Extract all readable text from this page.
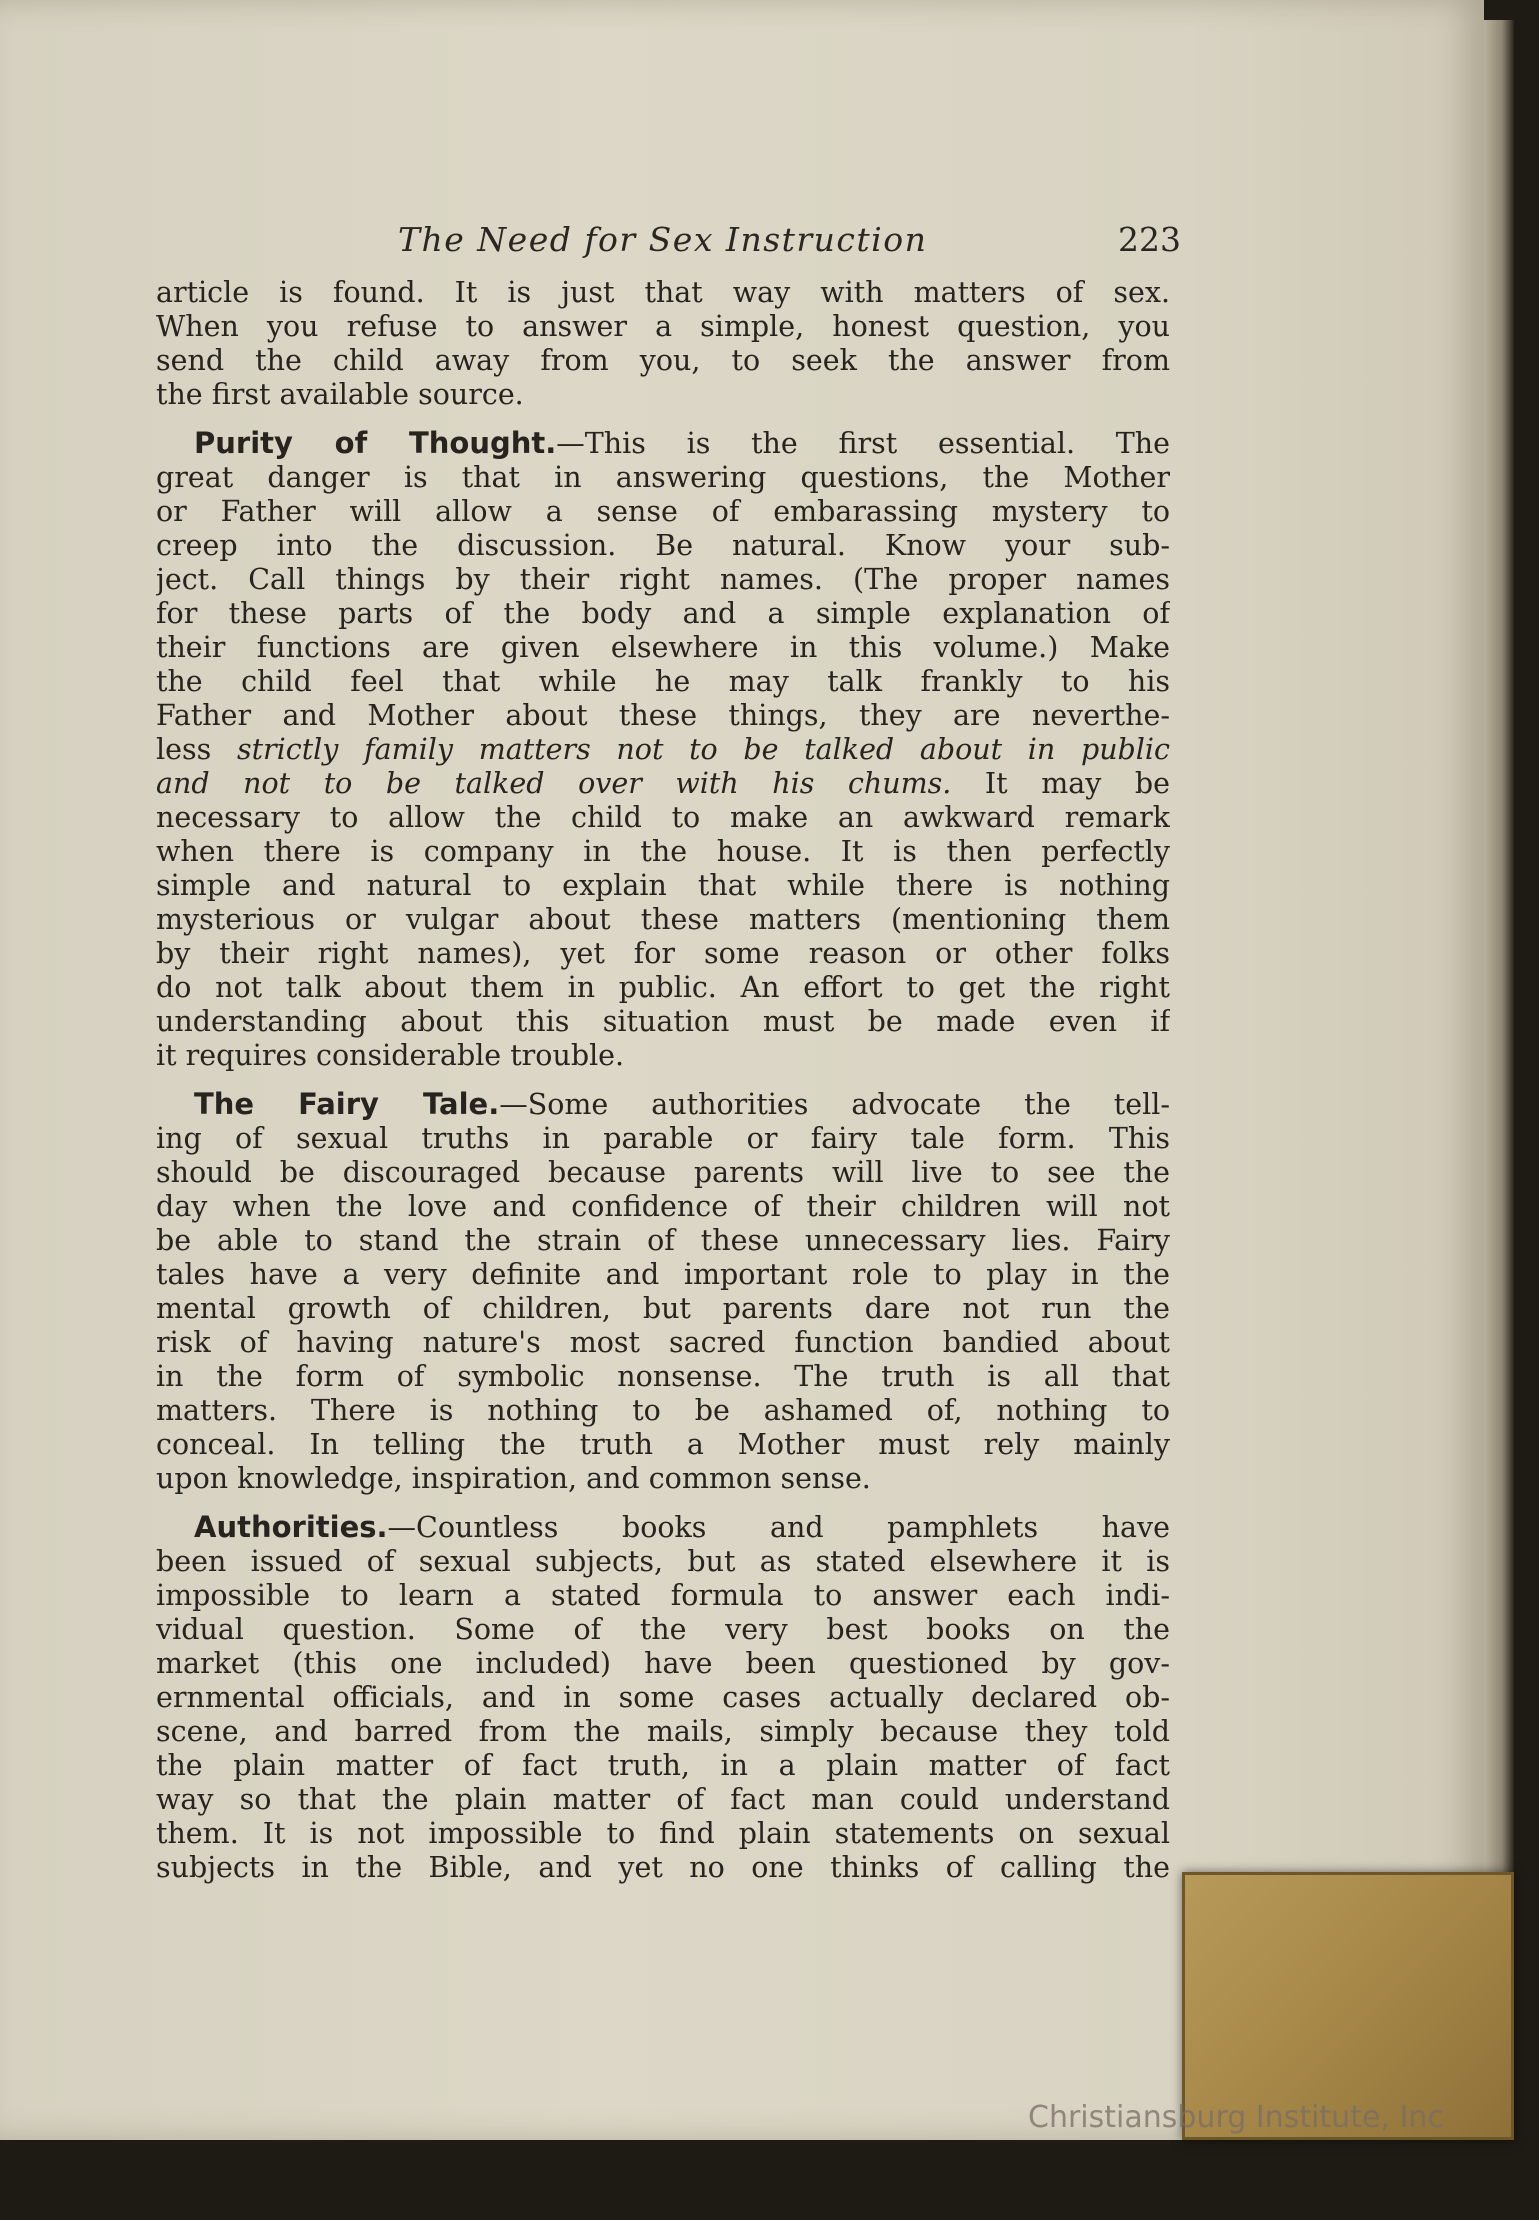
The Need for Sex Instruction	223

article is found. It is just that way with matters of sex.
When you refuse to answer a simple, honest question, you
send the child away from you, to seek the answer from
the first available source.

Purity of Thought.—This is the first essential. The
great danger is that in answering questions, the Mother
or Father will allow a sense of embarassing mystery to
creep into the discussion. Be natural. Know your sub-
ject. Call things by their right names. (The proper names
for these parts of the body and a simple explanation of
their functions are given elsewhere in this volume.) Make
the child feel that while he may talk frankly to his
Father and Mother about these things, they are neverthe-
less strictly family matters not to be talked about in public
and not to be talked over with his chums. It may be
necessary to allow the child to make an awkward remark
when there is company in the house. It is then perfectly
simple and natural to explain that while there is nothing
mysterious or vulgar about these matters (mentioning them
by their right names), yet for some reason or other folks
do not talk about them in public. An effort to get the right
understanding about this situation must be made even if
it requires considerable trouble.

The Fairy Tale.—Some authorities advocate the tell-
ing of sexual truths in parable or fairy tale form. This
should be discouraged because parents will live to see the
day when the love and confidence of their children will not
be able to stand the strain of these unnecessary lies. Fairy
tales have a very definite and important role to play in the
mental growth of children, but parents dare not run the
risk of having nature's most sacred function bandied about
in the form of symbolic nonsense. The truth is all that
matters. There is nothing to be ashamed of, nothing to
conceal. In telling the truth a Mother must rely mainly
upon knowledge, inspiration, and common sense.

Authorities.—Countless books and pamphlets have
been issued of sexual subjects, but as stated elsewhere it is
impossible to learn a stated formula to answer each indi-
vidual question. Some of the very best books on the
market (this one included) have been questioned by gov-
ernmental officials, and in some cases actually declared ob-
scene, and barred from the mails, simply because they told
the plain matter of fact truth, in a plain matter of fact
way so that the plain matter of fact man could understand
them. It is not impossible to find plain statements on sexual
subjects in the Bible, and yet no one thinks of calling the

Christiansburg Institute, Inc
